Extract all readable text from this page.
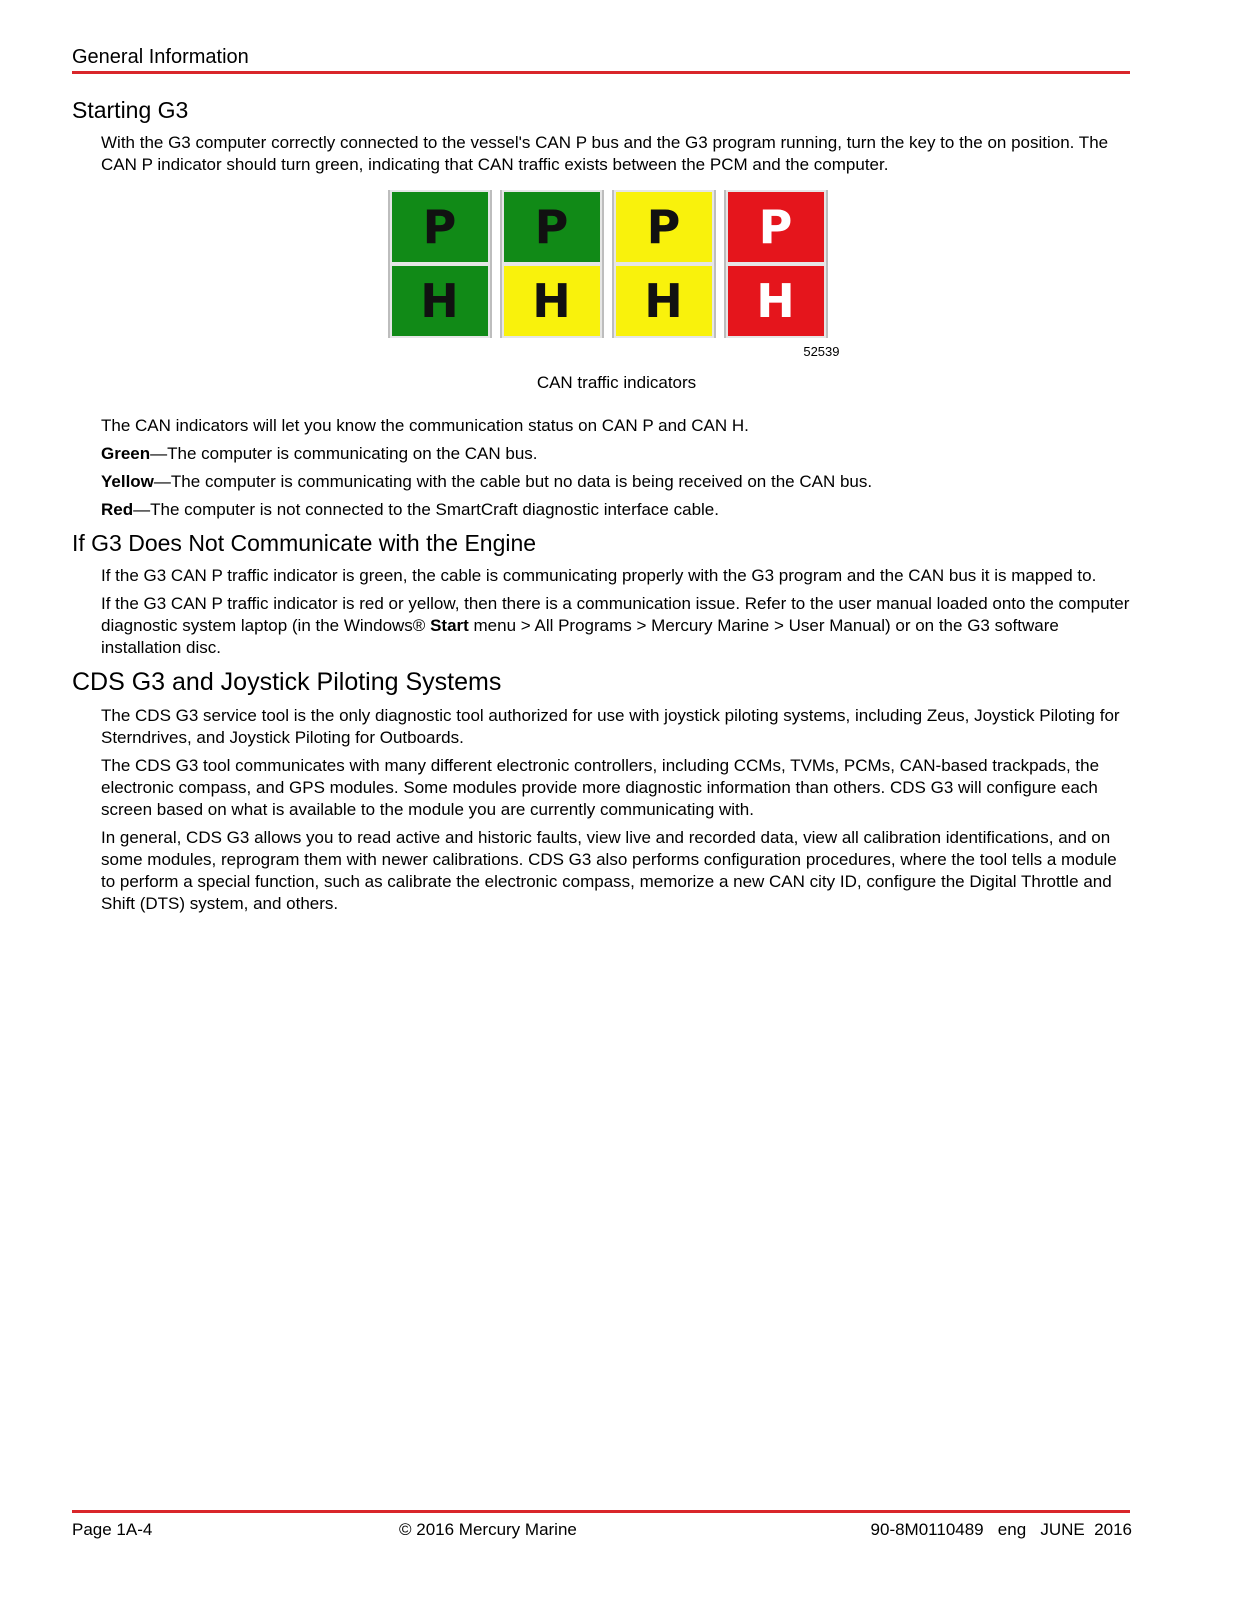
General Information
Starting G3

With the G3 computer correctly connected to the vessel's CAN P bus and the G3 program running, turn the key to the on position. The CAN P indicator should turn green, indicating that CAN traffic exists between the PCM and the computer.

P
H
P
H
P
H
P
H
52539
CAN traffic indicators

The CAN indicators will let you know the communication status on CAN P and CAN H.

Green—The computer is communicating on the CAN bus.

Yellow—The computer is communicating with the cable but no data is being received on the CAN bus.

Red—The computer is not connected to the SmartCraft diagnostic interface cable.

If G3 Does Not Communicate with the Engine

If the G3 CAN P traffic indicator is green, the cable is communicating properly with the G3 program and the CAN bus it is mapped to.

If the G3 CAN P traffic indicator is red or yellow, then there is a communication issue. Refer to the user manual loaded onto the computer diagnostic system laptop (in the Windows® Start menu > All Programs > Mercury Marine > User Manual) or on the G3 software installation disc.

CDS G3 and Joystick Piloting Systems

The CDS G3 service tool is the only diagnostic tool authorized for use with joystick piloting systems, including Zeus, Joystick Piloting for Sterndrives, and Joystick Piloting for Outboards.

The CDS G3 tool communicates with many different electronic controllers, including CCMs, TVMs, PCMs, CAN-based trackpads, the electronic compass, and GPS modules. Some modules provide more diagnostic information than others. CDS G3 will configure each screen based on what is available to the module you are currently communicating with.

In general, CDS G3 allows you to read active and historic faults, view live and recorded data, view all calibration identifications, and on some modules, reprogram them with newer calibrations. CDS G3 also performs configuration procedures, where the tool tells a module to perform a special function, such as calibrate the electronic compass, memorize a new CAN city ID, configure the Digital Throttle and Shift (DTS) system, and others.

Page 1A-4	© 2016 Mercury Marine	90-8M0110489   eng   JUNE  2016
